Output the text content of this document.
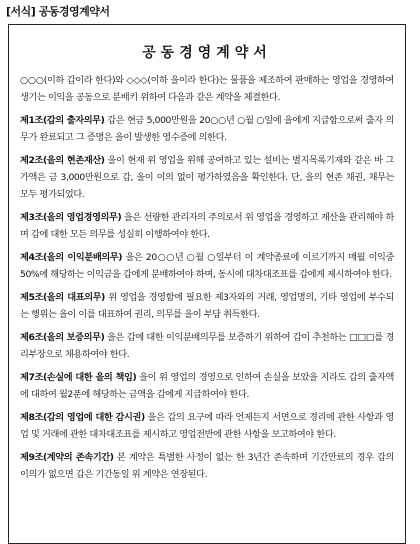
[서식] 공동경영계약서
공동경영계약서

○○○(이하 갑이라 한다)와 ◇◇◇(이하 을이라 한다)는 물품을 제조하여 판매하는 영업을 경영하여 생기는 이익을 공동으로 분배키 위하여 다음과 같은 계약을 체결한다.

제1조(갑의 출자의무) 갑은 현금 5,000만원을 20○○년 ○월 ○일에 을에게 지급함으로써 출자 의무가 완료되고 그 증명은 을이 발생한 영수증에 의한다.

제2조(을의 현존재산) 을이 현재 위 영업을 위해 공여하고 있는 설비는 별지목록기재와 같은 바 그 가액은 금 3,000만원으로 갑, 을이 이의 없이 평가하였음을 확인한다. 단, 을의 현존 채권, 채무는 모두 평가되었다.

제3조(을의 영업경영의무) 을은 선량한 관리자의 주의로서 위 영업을 경영하고 재산을 관리해야 하며 갑에 대한 모든 의무를 성실히 이행하여야 한다.

제4조(을의 이익분배의무) 을은 20○○년 ○월 ○일부터 이 계약종료에 이르기까지 매월 이익중 50%에 해당하는 이익금을 갑에게 분배하여야 하며, 동시에 대차대조표를 갑에게 제시하여야 한다.

제5조(을의 대표의무) 위 영업을 경영함에 필요한 제3자와의 거래, 영업명의, 기타 영업에 부수되는 행위는 을이 이를 대표하여 권리, 의무를 을이 부담 취득한다.

제6조(을의 보증의무) 을은 갑에 대한 이익분배의무를 보증하기 위하여 갑이 추천하는 □□□를 경리부장으로 채용하여야 한다.

제7조(손실에 대한 을의 책임) 을이 위 영업의 경영으로 인하여 손실을 보았을 지라도 갑의 출자액에 대하여 월2푼에 해당하는 금액을 갑에게 지급하여야 한다.

제8조(갑의 영업에 대한 감시권) 을은 갑의 요구에 따라 언제든지 서면으로 경리에 관한 사항과 영업 및 거래에 관한 대차대조표를 제시하고 영업전반에 관한 사항을 보고하여야 한다.

제9조(계약의 존속기간) 본 계약은 특별한 사정이 없는 한 3년간 존속하며 기간만료의 경우 갑의 이의가 없으면 갑은 기간동일 위 계약은 연장된다.
